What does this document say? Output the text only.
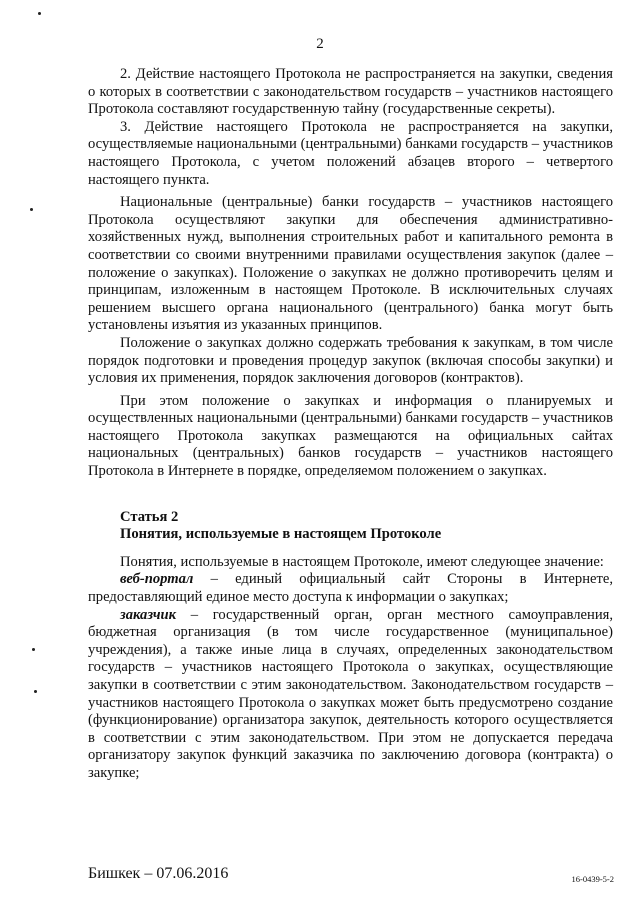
2

2. Действие настоящего Протокола не распространяется на закупки, сведения о которых в соответствии с законодательством государств – участников настоящего Протокола составляют государственную тайну (государственные секреты).

3. Действие настоящего Протокола не распространяется на закупки, осуществляемые национальными (центральными) банками государств – участников настоящего Протокола, с учетом положений абзацев второго – четвертого настоящего пункта.

Национальные (центральные) банки государств – участников настоящего Протокола осуществляют закупки для обеспечения административно-хозяйственных нужд, выполнения строительных работ и капитального ремонта в соответствии со своими внутренними правилами осуществления закупок (далее – положение о закупках). Положение о закупках не должно противоречить целям и принципам, изложенным в настоящем Протоколе. В исключительных случаях решением высшего органа национального (центрального) банка могут быть установлены изъятия из указанных принципов.

Положение о закупках должно содержать требования к закупкам, в том числе порядок подготовки и проведения процедур закупок (включая способы закупки) и условия их применения, порядок заключения договоров (контрактов).

При этом положение о закупках и информация о планируемых и осуществленных национальными (центральными) банками государств – участников настоящего Протокола закупках размещаются на официальных сайтах национальных (центральных) банков государств – участников настоящего Протокола в Интернете в порядке, определяемом положением о закупках.

Статья 2

Понятия, используемые в настоящем Протоколе

Понятия, используемые в настоящем Протоколе, имеют следующее значение:

веб-портал – единый официальный сайт Стороны в Интернете, предоставляющий единое место доступа к информации о закупках;

заказчик – государственный орган, орган местного самоуправления, бюджетная организация (в том числе государственное (муниципальное) учреждения), а также иные лица в случаях, определенных законодательством государств – участников настоящего Протокола о закупках, осуществляющие закупки в соответствии с этим законодательством. Законодательством государств – участников настоящего Протокола о закупках может быть предусмотрено создание (функционирование) организатора закупок, деятельность которого осуществляется в соответствии с этим законодательством. При этом не допускается передача организатору закупок функций заказчика по заключению договора (контракта) о закупке;

Бишкек – 07.06.2016	16-0439-5-2
